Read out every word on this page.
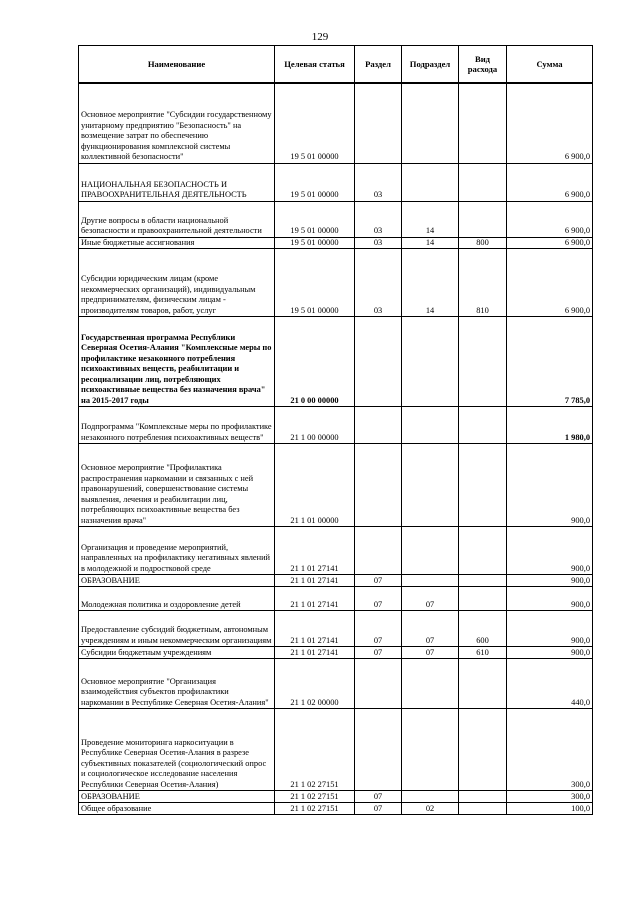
129
Наименование	Целевая статья	Раздел	Подраздел	Вид расхода	Сумма
Основное мероприятие "Субсидии государственному унитарному предприятию "Безопасность" на возмещение затрат по обеспечению функционирования комплексной системы коллективной безопасности"	19 5 01 00000				6 900,0
НАЦИОНАЛЬНАЯ БЕЗОПАСНОСТЬ И ПРАВООХРАНИТЕЛЬНАЯ ДЕЯТЕЛЬНОСТЬ	19 5 01 00000	03			6 900,0
Другие вопросы в области национальной безопасности и правоохранительной деятельности	19 5 01 00000	03	14		6 900,0
Иные бюджетные ассигнования	19 5 01 00000	03	14	800	6 900,0
Субсидии юридическим лицам (кроме некоммерческих организаций), индивидуальным предпринимателям, физическим лицам - производителям товаров, работ, услуг	19 5 01 00000	03	14	810	6 900,0
Государственная программа Республики Северная Осетия-Алания "Комплексные меры по профилактике незаконного потребления психоактивных веществ, реабилитации и ресоциализации лиц, потребляющих психоактивные вещества без назначения врача" на 2015-2017 годы	21 0 00 00000				7 785,0
Подпрограмма "Комплексные меры по профилактике незаконного потребления психоактивных веществ"	21 1 00 00000				1 980,0
Основное мероприятие "Профилактика распространения наркомании и связанных с ней правонарушений, совершенствование системы выявления, лечения и реабилитации лиц, потребляющих психоактивные вещества без назначения врача"	21 1 01 00000				900,0
Организация и проведение мероприятий, направленных на профилактику негативных явлений в молодежной и подростковой среде	21 1 01 27141				900,0
ОБРАЗОВАНИЕ	21 1 01 27141	07			900,0
Молодежная политика и оздоровление детей	21 1 01 27141	07	07		900,0
Предоставление субсидий бюджетным, автономным учреждениям и иным некоммерческим организациям	21 1 01 27141	07	07	600	900,0
Субсидии бюджетным учреждениям	21 1 01 27141	07	07	610	900,0
Основное мероприятие "Организация взаимодействия субъектов профилактики наркомании в Республике Северная Осетия-Алания"	21 1 02 00000				440,0
Проведение мониторинга наркоситуации в Республике Северная Осетия-Алания в разрезе субъективных показателей (социологический опрос и социологическое исследование населения Республики Северная Осетия-Алания)	21 1 02 27151				300,0
ОБРАЗОВАНИЕ	21 1 02 27151	07			300,0
Общее образование	21 1 02 27151	07	02		100,0
